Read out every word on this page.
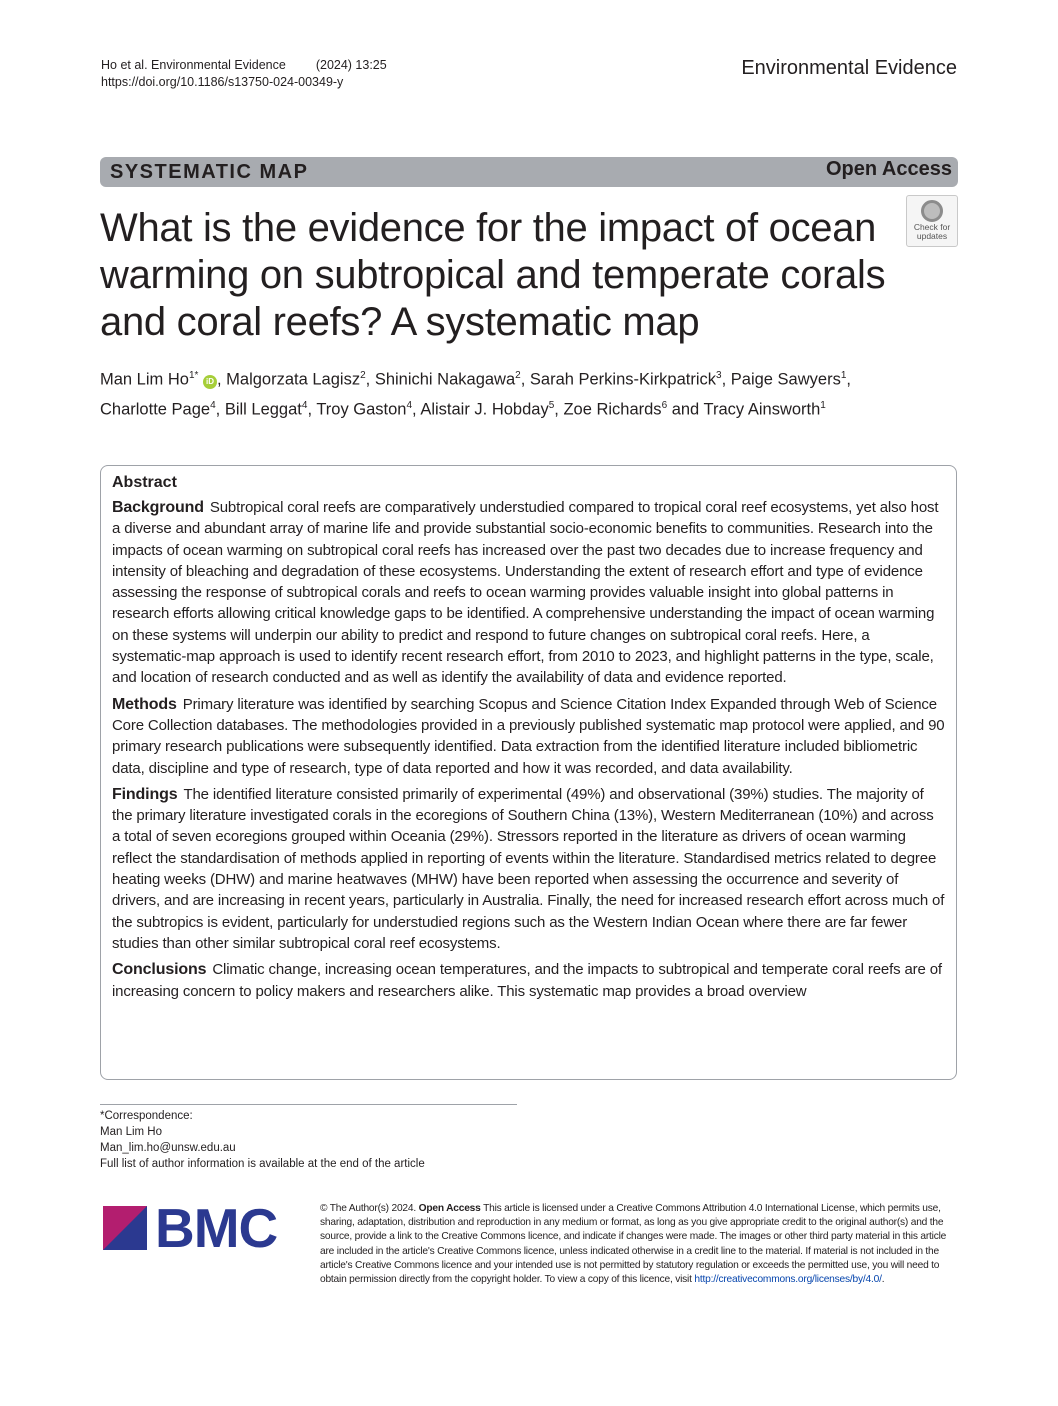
Ho et al. Environmental Evidence (2024) 13:25
https://doi.org/10.1186/s13750-024-00349-y
Environmental Evidence
SYSTEMATIC MAP	Open Access
What is the evidence for the impact of ocean warming on subtropical and temperate corals and coral reefs? A systematic map
Check for
updates
Man Lim $Ho^{1*}$ iD , Malgorzata Lagisz$^2$, Shinichi Nakagawa$^2$, Sarah Perkins-Kirkpatrick$^3$, Paige Sawyers$^1$,
Charlotte Page$^4$, Bill Leggat$^4$, Troy Gaston$^4$, Alistair J. Hobday$^5$, Zoe Richards$^6$ and Tracy Ainsworth$^1$
Abstract

Background Subtropical coral reefs are comparatively understudied compared to tropical coral reef ecosystems, yet also host a diverse and abundant array of marine life and provide substantial socio-economic benefits to communities. Research into the impacts of ocean warming on subtropical coral reefs has increased over the past two decades due to increase frequency and intensity of bleaching and degradation of these ecosystems. Understanding the extent of research effort and type of evidence assessing the response of subtropical corals and reefs to ocean warming provides valuable insight into global patterns in research efforts allowing critical knowledge gaps to be identified. A comprehensive understanding the impact of ocean warming on these systems will underpin our ability to predict and respond to future changes on subtropical coral reefs. Here, a systematic-map approach is used to identify recent research effort, from 2010 to 2023, and highlight patterns in the type, scale, and location of research conducted and as well as identify the availability of data and evidence reported.

Methods Primary literature was identified by searching Scopus and Science Citation Index Expanded through Web of Science Core Collection databases. The methodologies provided in a previously published systematic map protocol were applied, and 90 primary research publications were subsequently identified. Data extraction from the identified literature included bibliometric data, discipline and type of research, type of data reported and how it was recorded, and data availability.

Findings The identified literature consisted primarily of experimental (49%) and observational (39%) studies. The majority of the primary literature investigated corals in the ecoregions of Southern China (13%), Western Mediterranean (10%) and across a total of seven ecoregions grouped within Oceania (29%). Stressors reported in the literature as drivers of ocean warming reflect the standardisation of methods applied in reporting of events within the literature. Standardised metrics related to degree heating weeks (DHW) and marine heatwaves (MHW) have been reported when assessing the occurrence and severity of drivers, and are increasing in recent years, particularly in Australia. Finally, the need for increased research effort across much of the subtropics is evident, particularly for understudied regions such as the Western Indian Ocean where there are far fewer studies than other similar subtropical coral reef ecosystems.

Conclusions Climatic change, increasing ocean temperatures, and the impacts to subtropical and temperate coral reefs are of increasing concern to policy makers and researchers alike. This systematic map provides a broad overview

*Correspondence:
Man Lim Ho
Man_lim.ho@unsw.edu.au
Full list of author information is available at the end of the article
BMC	© The Author(s) 2024. Open Access This article is licensed under a Creative Commons Attribution 4.0 International License, which permits use, sharing, adaptation, distribution and reproduction in any medium or format, as long as you give appropriate credit to the original author(s) and the source, provide a link to the Creative Commons licence, and indicate if changes were made. The images or other third party material in this article are included in the article's Creative Commons licence, unless indicated otherwise in a credit line to the material. If material is not included in the article's Creative Commons licence and your intended use is not permitted by statutory regulation or exceeds the permitted use, you will need to obtain permission directly from the copyright holder. To view a copy of this licence, visit http://creativecommons.org/licenses/by/4.0/.
